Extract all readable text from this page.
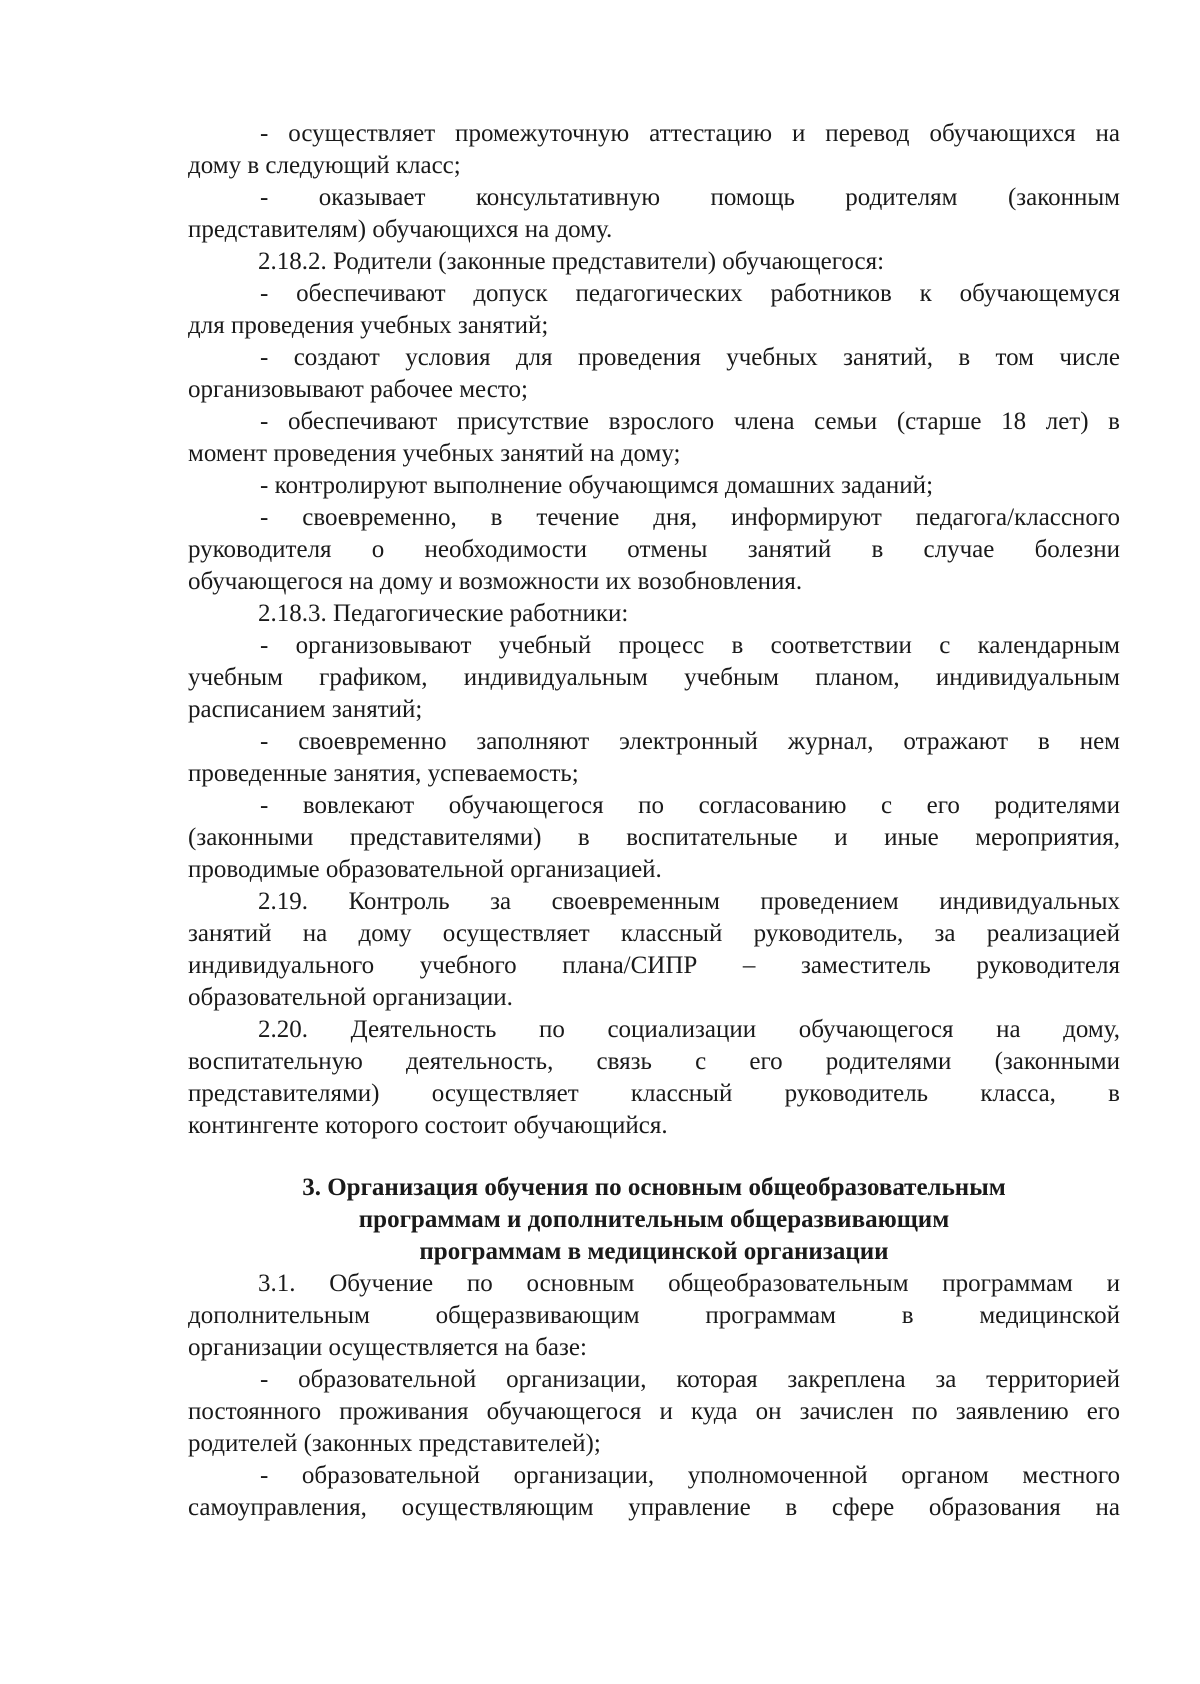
- осуществляет промежуточную аттестацию и перевод обучающихся на
дому в следующий класс;
- оказывает консультативную помощь родителям (законным
представителям) обучающихся на дому.
2.18.2. Родители (законные представители) обучающегося:
- обеспечивают допуск педагогических работников к обучающемуся
для проведения учебных занятий;
- создают условия для проведения учебных занятий, в том числе
организовывают рабочее место;
- обеспечивают присутствие взрослого члена семьи (старше 18 лет) в
момент проведения учебных занятий на дому;
- контролируют выполнение обучающимся домашних заданий;
- своевременно, в течение дня, информируют педагога/классного
руководителя о необходимости отмены занятий в случае болезни
обучающегося на дому и возможности их возобновления.
2.18.3. Педагогические работники:
- организовывают учебный процесс в соответствии с календарным
учебным графиком, индивидуальным учебным планом, индивидуальным
расписанием занятий;
- своевременно заполняют электронный журнал, отражают в нем
проведенные занятия, успеваемость;
- вовлекают обучающегося по согласованию с его родителями
(законными представителями) в воспитательные и иные мероприятия,
проводимые образовательной организацией.
2.19. Контроль за своевременным проведением индивидуальных
занятий на дому осуществляет классный руководитель, за реализацией
индивидуального учебного плана/СИПР – заместитель руководителя
образовательной организации.
2.20. Деятельность по социализации обучающегося на дому,
воспитательную деятельность, связь с его родителями (законными
представителями) осуществляет классный руководитель класса, в
контингенте которого состоит обучающийся.
3. Организация обучения по основным общеобразовательным
программам и дополнительным общеразвивающим
программам в медицинской организации
3.1. Обучение по основным общеобразовательным программам и
дополнительным общеразвивающим программам в медицинской
организации осуществляется на базе:
- образовательной организации, которая закреплена за территорией
постоянного проживания обучающегося и куда он зачислен по заявлению его
родителей (законных представителей);
- образовательной организации, уполномоченной органом местного
самоуправления, осуществляющим управление в сфере образования на
